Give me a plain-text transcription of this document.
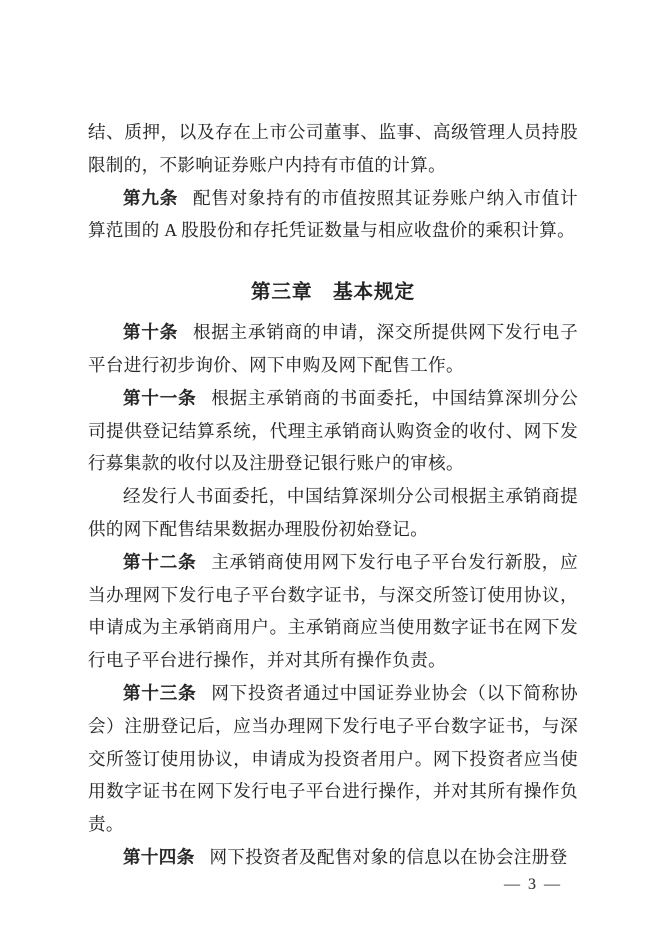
结、质押，以及存在上市公司董事、监事、高级管理人员持股限制的，不影响证券账户内持有市值的计算。

第九条 配售对象持有的市值按照其证券账户纳入市值计算范围的 A 股股份和存托凭证数量与相应收盘价的乘积计算。

第三章　基本规定

第十条 根据主承销商的申请，深交所提供网下发行电子平台进行初步询价、网下申购及网下配售工作。

第十一条 根据主承销商的书面委托，中国结算深圳分公司提供登记结算系统，代理主承销商认购资金的收付、网下发行募集款的收付以及注册登记银行账户的审核。

经发行人书面委托，中国结算深圳分公司根据主承销商提供的网下配售结果数据办理股份初始登记。

第十二条 主承销商使用网下发行电子平台发行新股，应当办理网下发行电子平台数字证书，与深交所签订使用协议，申请成为主承销商用户。主承销商应当使用数字证书在网下发行电子平台进行操作，并对其所有操作负责。

第十三条 网下投资者通过中国证券业协会（以下简称协会）注册登记后，应当办理网下发行电子平台数字证书，与深交所签订使用协议，申请成为投资者用户。网下投资者应当使用数字证书在网下发行电子平台进行操作，并对其所有操作负责。

第十四条 网下投资者及配售对象的信息以在协会注册登

— 3 —
